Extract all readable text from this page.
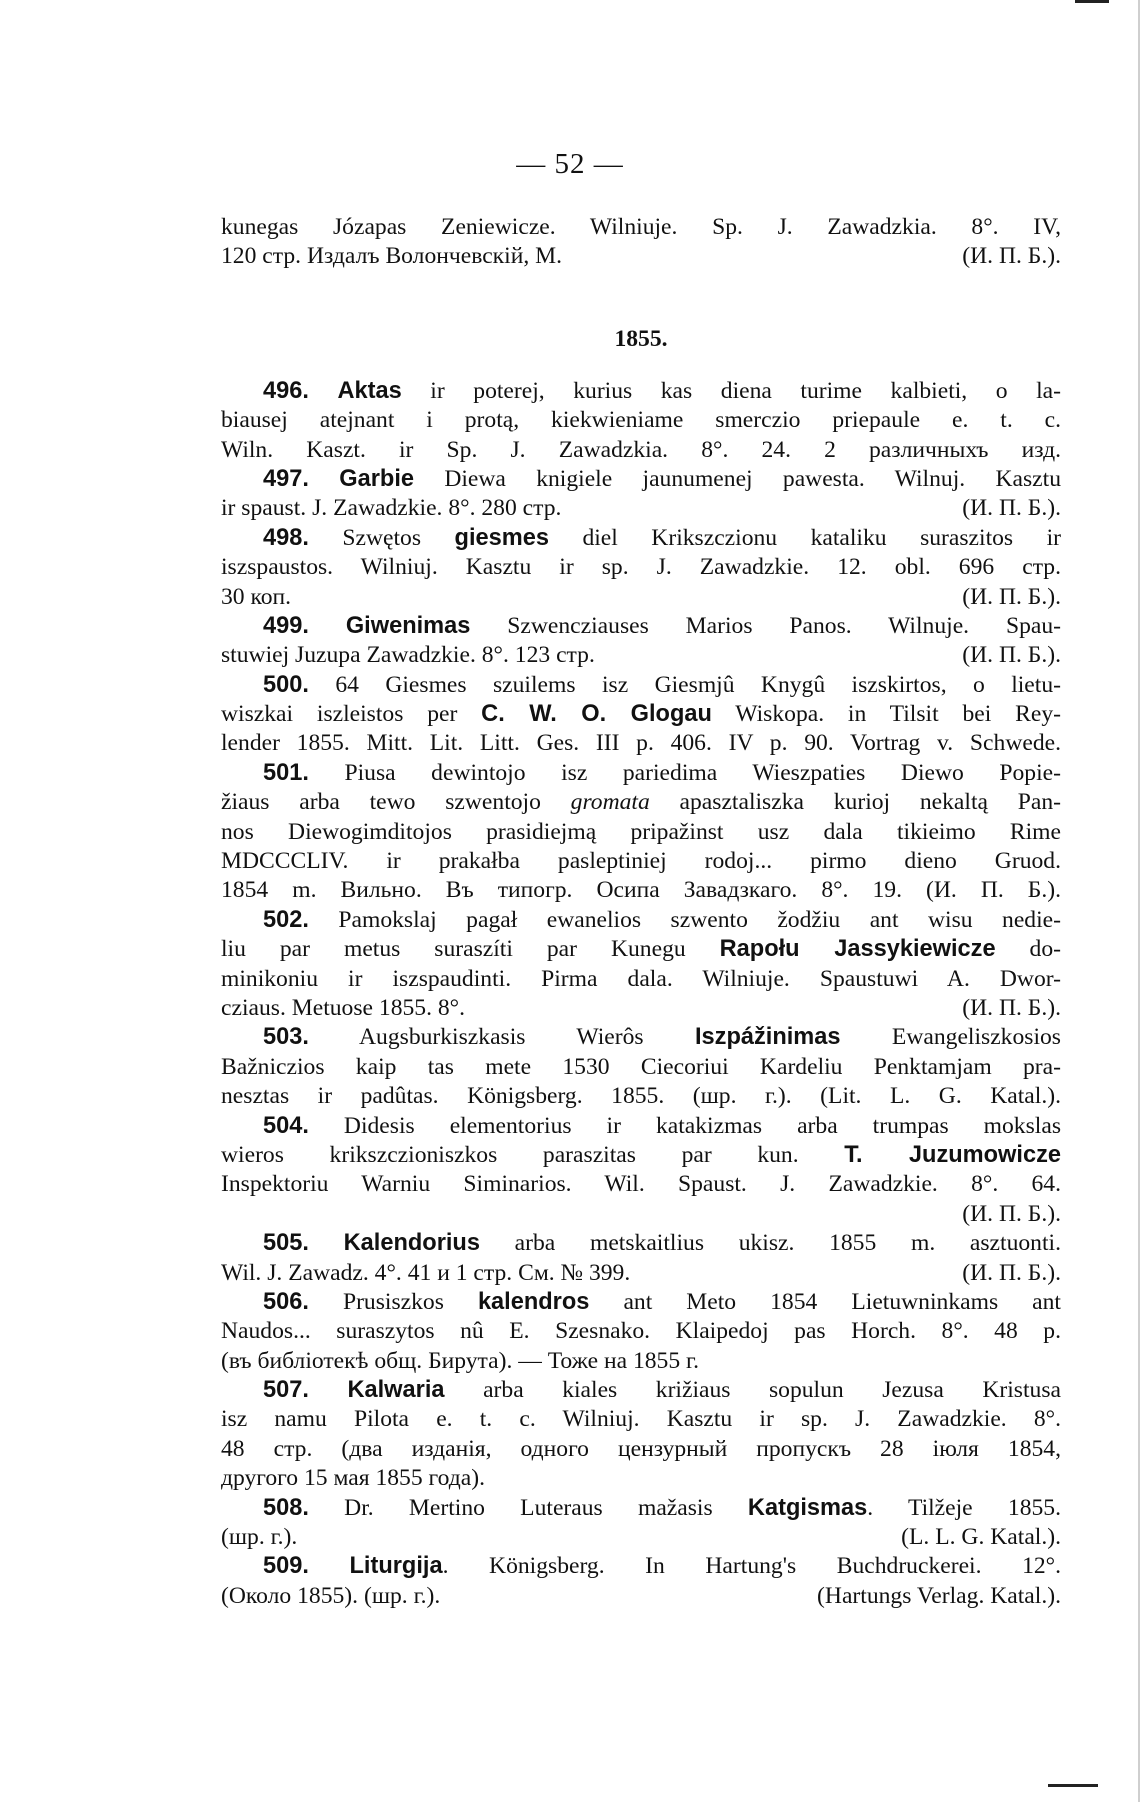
— 52 —
kunegas Józapas Zeniewicze. Wilniuje. Sp. J. Zawadzkia. 8°. IV,
120 стр. Издалъ Волончевскій, М.	(И. П. Б.).
1855.
496. Aktas ir poterej, kurius kas diena turime kalbieti, o la-
biausej atejnant i protą, kiekwieniame smerczio priepaule e. t. c.
Wiln. Kaszt. ir Sp. J. Zawadzkia. 8°. 24. 2 различныхъ изд.
497. Garbie Diewa knigiele jaunumenej pawesta. Wilnuj. Kasztu
ir spaust. J. Zawadzkie. 8°. 280 стр.	(И. П. Б.).
498. Szwętos giesmes diel Krikszczionu kataliku suraszitos ir
iszspaustos. Wilniuj. Kasztu ir sp. J. Zawadzkie. 12. obl. 696 стр.
30 коп.	(И. П. Б.).
499. Giwenimas Szwencziauses Marios Panos. Wilnuje. Spau-
stuwiej Juzupa Zawadzkie. 8°. 123 стр.	(И. П. Б.).
500. 64 Giesmes szuilems isz Giesmjû Knygû iszskirtos, o lietu-
wiszkai iszleistos per C. W. O. Glogau Wiskopa. in Tilsit bei Rey-
lender 1855. Mitt. Lit. Litt. Ges. III p. 406. IV p. 90. Vortrag v. Schwede.
501. Piusa dewintojo isz pariedima Wieszpaties Diewo Popie-
žiaus arba tewo szwentojo gromata apasztaliszka kurioj nekaltą Pan-
nos Diewogimditojos prasidiejmą pripažinst usz dala tikieimo Rime
MDCCCLIV. ir prakałba pasleptiniej rodoj... pirmo dieno Gruod.
1854 m. Вильно. Въ типогр. Осипа Завадзкаго. 8°. 19. (И. П. Б.).
502. Pamokslaj pagał ewanelios szwento žodžiu ant wisu nedie-
liu par metus suraszíti par Kunegu Rapołu Jassykiewicze do-
minikoniu ir iszspaudinti. Pirma dala. Wilniuje. Spaustuwi A. Dwor-
cziaus. Metuose 1855. 8°.	(И. П. Б.).
503. Augsburkiszkasis Wierôs Iszpážinimas Ewangeliszkosios
Bažniczios kaip tas mete 1530 Ciecoriui Kardeliu Penktamjam pra-
nesztas ir padûtas. Königsberg. 1855. (шр. г.). (Lit. L. G. Katal.).
504. Didesis elementorius ir katakizmas arba trumpas mokslas
wieros krikszczioniszkos paraszitas par kun. T. Juzumowicze
Inspektoriu Warniu Siminarios. Wil. Spaust. J. Zawadzkie. 8°. 64.
(И. П. Б.).
505. Kalendorius arba metskaitlius ukisz. 1855 m. asztuonti.
Wil. J. Zawadz. 4°. 41 и 1 стр. См. № 399.	(И. П. Б.).
506. Prusiszkos kalendros ant Meto 1854 Lietuwninkams ant
Naudos... suraszytos nû E. Szesnako. Klaipedoj pas Horch. 8°. 48 p.
(въ библіотекѣ общ. Бирута). — Тоже на 1855 г.
507. Kalwaria arba kiales križiaus sopulun Jezusa Kristusa
isz namu Pilota e. t. c. Wilniuj. Kasztu ir sp. J. Zawadzkie. 8°.
48 стр. (два изданія, одного цензурный пропускъ 28 іюля 1854,
другого 15 мая 1855 года).
508. Dr. Mertino Luteraus mažasis Katgismas. Tilžeje 1855.
(шр. г.).	(L. L. G. Katal.).
509. Liturgija. Königsberg. In Hartung's Buchdruckerei. 12°.
(Около 1855). (шр. г.).	(Hartungs Verlag. Katal.).
